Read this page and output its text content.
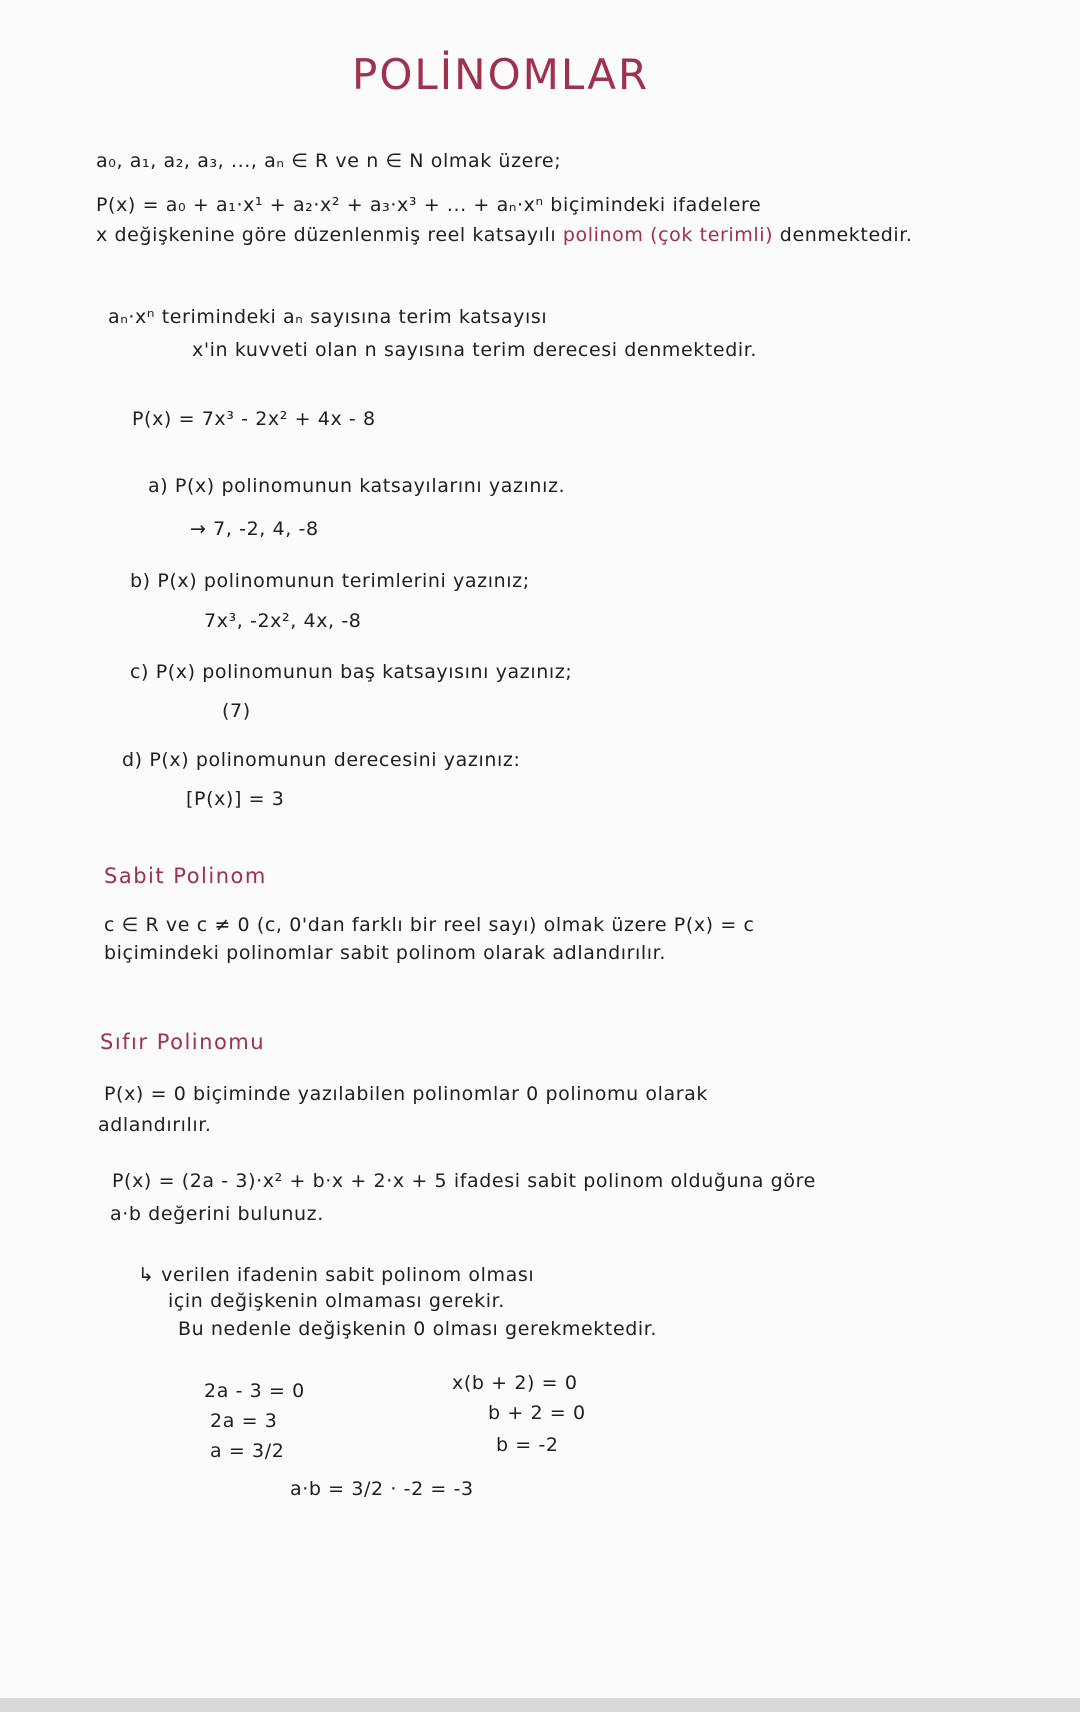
POLİNOMLAR
a₀, a₁, a₂, a₃, ..., aₙ ∈ R ve n ∈ N olmak üzere;
P(x) = a₀ + a₁·x¹ + a₂·x² + a₃·x³ + ... + aₙ·xⁿ biçimindeki ifadelere
x değişkenine göre düzenlenmiş reel katsayılı polinom (çok terimli) denmektedir.
aₙ·xⁿ terimindeki aₙ sayısına terim katsayısı
x'in kuvveti olan n sayısına terim derecesi denmektedir.
P(x) = 7x³ - 2x² + 4x - 8
a) P(x) polinomunun katsayılarını yazınız.
→ 7, -2, 4, -8
b) P(x) polinomunun terimlerini yazınız;
7x³, -2x², 4x, -8
c) P(x) polinomunun baş katsayısını yazınız;
(7)
d) P(x) polinomunun derecesini yazınız:
[P(x)] = 3
Sabit Polinom
c ∈ R ve c ≠ 0 (c, 0'dan farklı bir reel sayı) olmak üzere P(x) = c
biçimindeki polinomlar sabit polinom olarak adlandırılır.
Sıfır Polinomu
P(x) = 0 biçiminde yazılabilen polinomlar 0 polinomu olarak
adlandırılır.
P(x) = (2a - 3)·x² + b·x + 2·x + 5 ifadesi sabit polinom olduğuna göre
a·b değerini bulunuz.
↳ verilen ifadenin sabit polinom olması
için değişkenin olmaması gerekir.
Bu nedenle değişkenin 0 olması gerekmektedir.
2a - 3 = 0
2a = 3
a = 3/2
x(b + 2) = 0
b + 2 = 0
b = -2
a·b = 3/2 · -2 = -3
